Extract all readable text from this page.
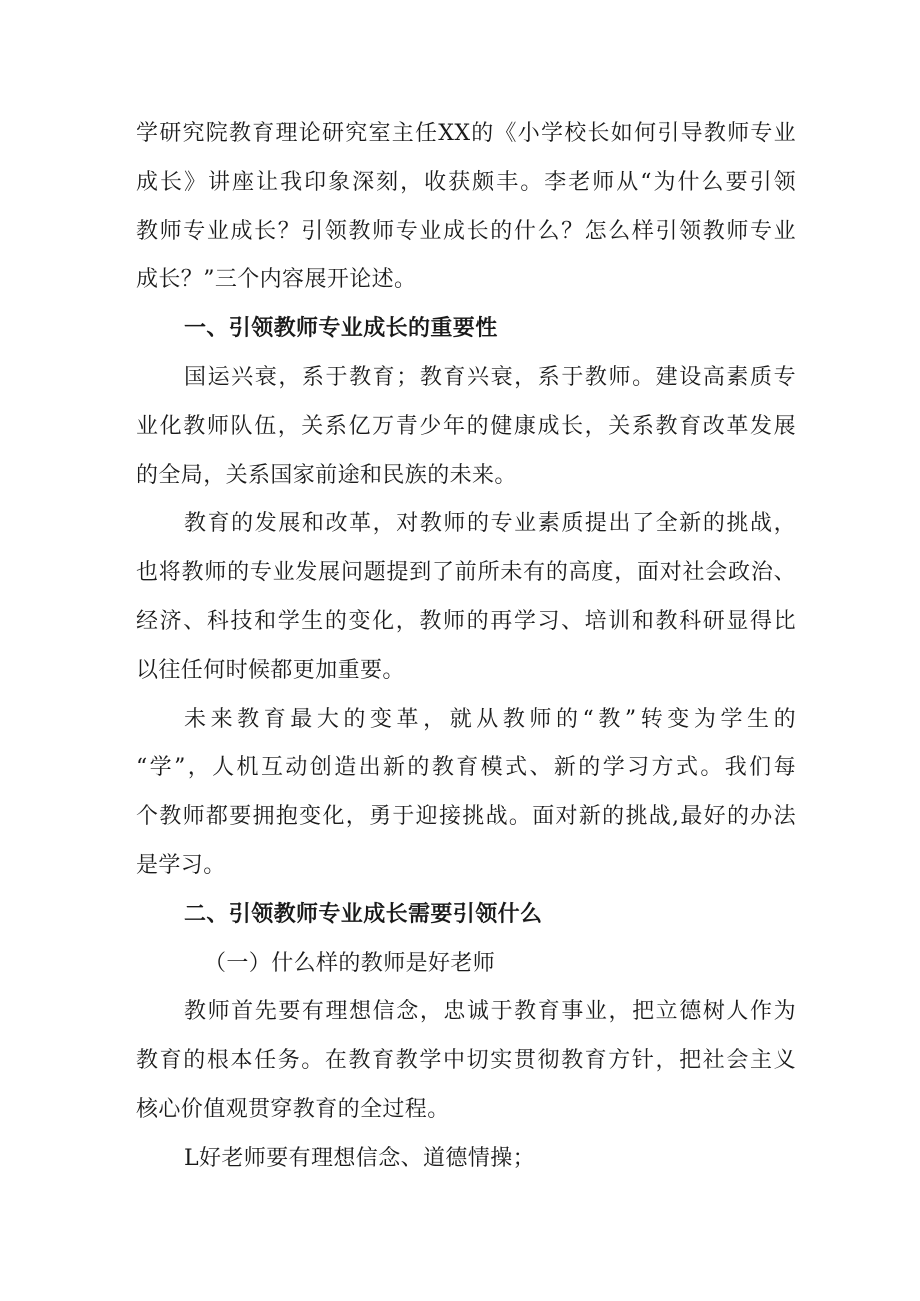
学研究院教育理论研究室主任XX的《小学校长如何引导教师专业
成长》讲座让我印象深刻，收获颇丰。李老师从“为什么要引领
教师专业成长？引领教师专业成长的什么？怎么样引领教师专业
成长？”三个内容展开论述。
一、引领教师专业成长的重要性
国运兴衰，系于教育；教育兴衰，系于教师。建设高素质专
业化教师队伍，关系亿万青少年的健康成长，关系教育改革发展
的全局，关系国家前途和民族的未来。
教育的发展和改革，对教师的专业素质提出了全新的挑战，
也将教师的专业发展问题提到了前所未有的高度，面对社会政治、
经济、科技和学生的变化，教师的再学习、培训和教科研显得比
以往任何时候都更加重要。
未来教育最大的变革，就从教师的“教”转变为学生的
“学”，人机互动创造出新的教育模式、新的学习方式。我们每
个教师都要拥抱变化，勇于迎接挑战。面对新的挑战,最好的办法
是学习。
二、引领教师专业成长需要引领什么
（一）什么样的教师是好老师
教师首先要有理想信念，忠诚于教育事业，把立德树人作为
教育的根本任务。在教育教学中切实贯彻教育方针，把社会主义
核心价值观贯穿教育的全过程。
L好老师要有理想信念、道德情操；
